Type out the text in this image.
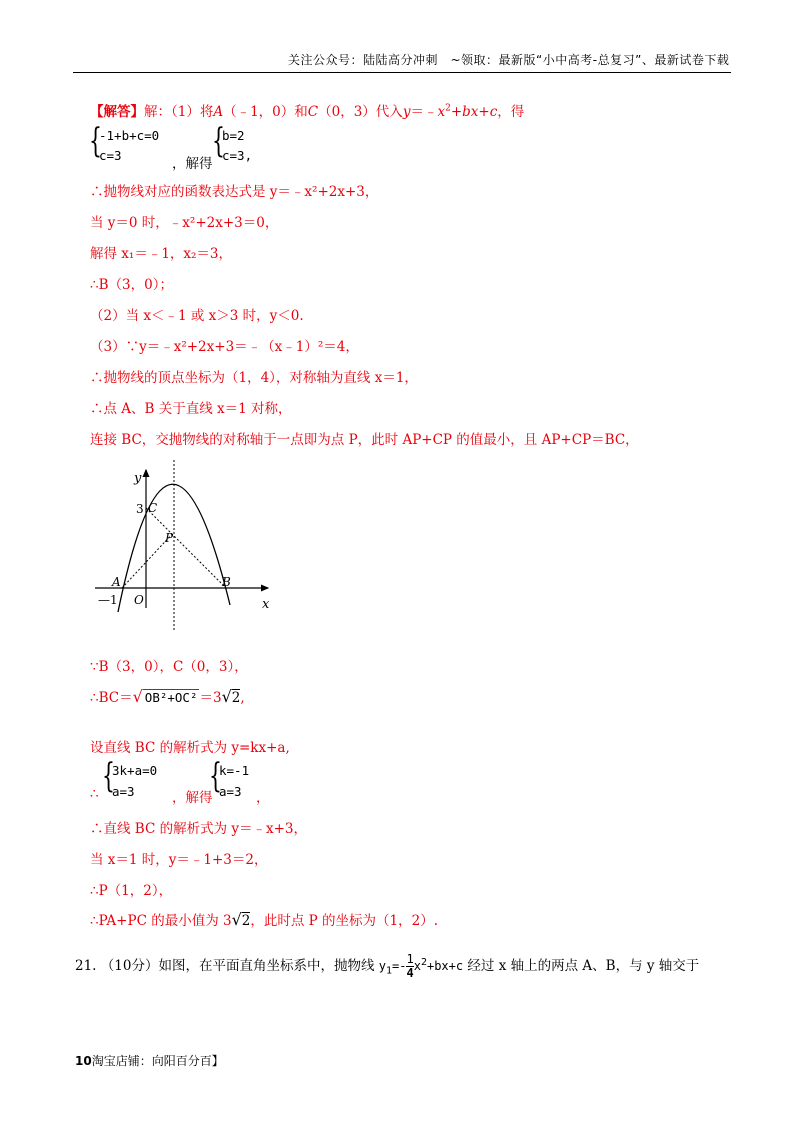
关注公众号：陆陆高分冲刺　~领取：最新版“小中高考-总复习”、最新试卷下载
【解答】解：（1）将A（﹣1，0）和C（0，3）代入$y=﹣x^2+bx+c$，得
{
-1+b+c=0
c=3
，解得
{
b=2
c=3,
∴抛物线对应的函数表达式是 y＝﹣x²+2x+3，
当 y＝0 时，﹣x²+2x+3＝0，
解得 x₁＝﹣1，x₂＝3，
∴B（3，0）；
（2）当 x＜﹣1 或 x＞3 时，y＜0.
（3）∵y＝﹣x²+2x+3＝﹣（x﹣1）²＝4，
∴抛物线的顶点坐标为（1，4），对称轴为直线 x＝1，
∴点 A、B 关于直线 x＝1 对称，
连接 BC，交抛物线的对称轴于一点即为点 P，此时 AP+CP 的值最小，且 AP+CP＝BC，
y
x
3 C
P
A	B
O
—1
∵B（3，0），C（0，3），
∴BC＝√ OB²+OC² ＝3√2,
设直线 BC 的解析式为 y=kx+a,
∴ {
3k+a=0
a=3	，解得
{
k=-1
a=3 ，
∴直线 BC 的解析式为 y＝﹣x+3，
当 x＝1 时，y＝﹣1+3＝2，
∴P（1，2），
∴PA+PC 的最小值为 3√2，此时点 P 的坐标为（1，2）.
21. （10分）如图，在平面直角坐标系中，抛物线 $y_1=- \frac{1}{4} x^2+bx+c$ 经过 x 轴上的两点 A、B，与 y 轴交于
10淘宝店铺：向阳百分百】
